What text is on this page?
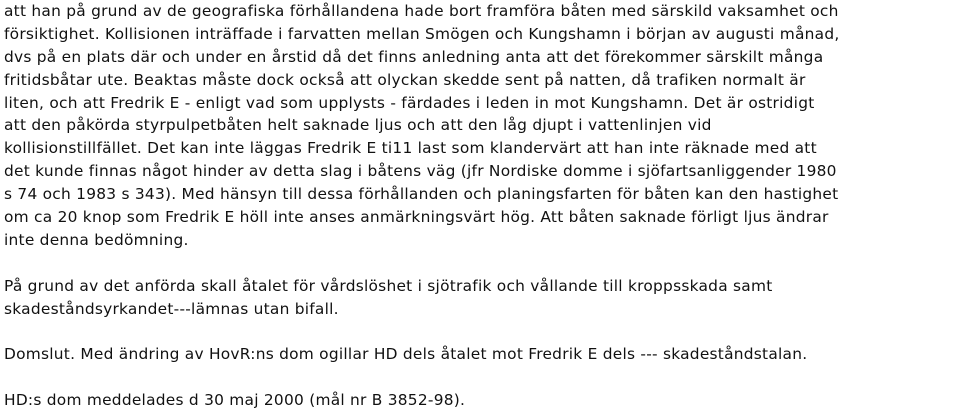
att han på grund av de geografiska förhållandena hade bort framföra båten med särskild vaksamhet och
försiktighet. Kollisionen inträffade i farvatten mellan Smögen och Kungshamn i början av augusti månad,
dvs på en plats där och under en årstid då det finns anledning anta att det förekommer särskilt många
fritidsbåtar ute. Beaktas måste dock också att olyckan skedde sent på natten, då trafiken normalt är
liten, och att Fredrik E - enligt vad som upplysts - färdades i leden in mot Kungshamn. Det är ostridigt
att den påkörda styrpulpetbåten helt saknade ljus och att den låg djupt i vattenlinjen vid
kollisionstillfället. Det kan inte läggas Fredrik E ti11 last som klandervärt att han inte räknade med att
det kunde finnas något hinder av detta slag i båtens väg (jfr Nordiske domme i sjöfartsanliggender 1980
s 74 och 1983 s 343). Med hänsyn till dessa förhållanden och planingsfarten för båten kan den hastighet
om ca 20 knop som Fredrik E höll inte anses anmärkningsvärt hög. Att båten saknade förligt ljus ändrar
inte denna bedömning.
På grund av det anförda skall åtalet för vårdslöshet i sjötrafik och vållande till kroppsskada samt
skadeståndsyrkandet---lämnas utan bifall.
Domslut. Med ändring av HovR:ns dom ogillar HD dels åtalet mot Fredrik E dels --- skadeståndstalan.
HD:s dom meddelades d 30 maj 2000 (mål nr B 3852-98).
